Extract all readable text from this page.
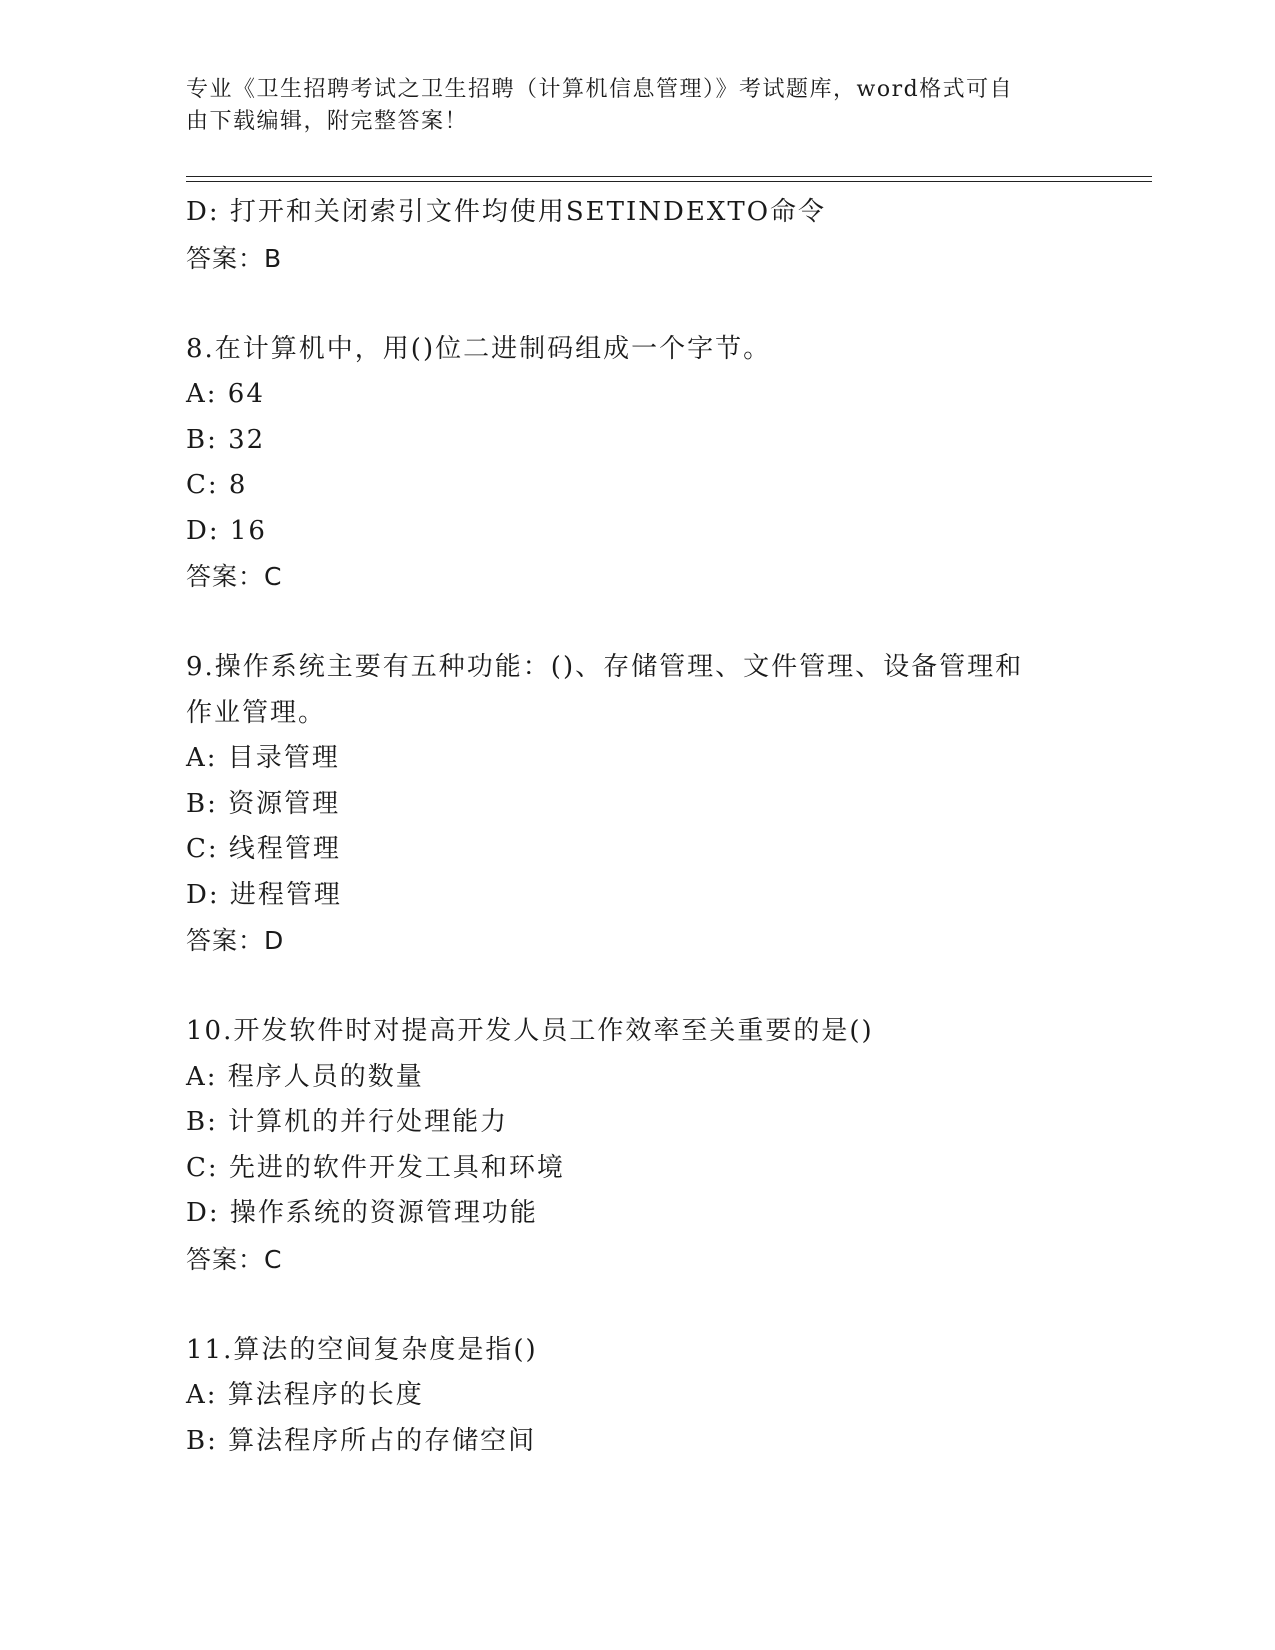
专业《卫生招聘考试之卫生招聘（计算机信息管理）》考试题库，word格式可自
由下载编辑，附完整答案！
D: 打开和关闭索引文件均使用SETINDEXTO命令
答案：B
8.在计算机中，用()位二进制码组成一个字节。
A: 64
B: 32
C: 8
D: 16
答案：C
9.操作系统主要有五种功能：()、存储管理、文件管理、设备管理和
作业管理。
A: 目录管理
B: 资源管理
C: 线程管理
D: 进程管理
答案：D
10.开发软件时对提高开发人员工作效率至关重要的是()
A: 程序人员的数量
B: 计算机的并行处理能力
C: 先进的软件开发工具和环境
D: 操作系统的资源管理功能
答案：C
11.算法的空间复杂度是指()
A: 算法程序的长度
B: 算法程序所占的存储空间
